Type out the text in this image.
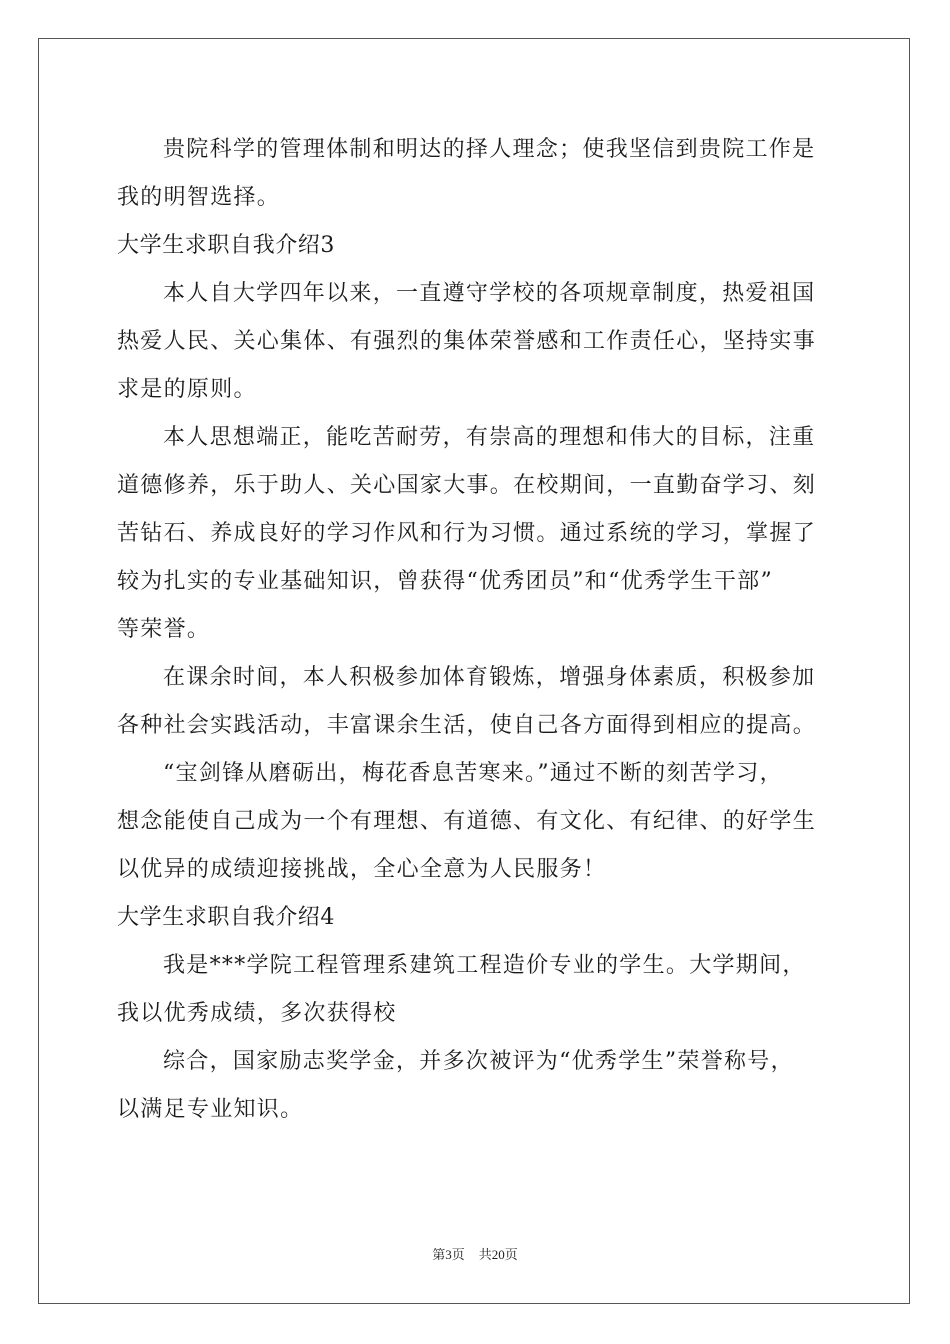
贵院科学的管理体制和明达的择人理念；使我坚信到贵院工作是
我的明智选择。
大学生求职自我介绍3
本人自大学四年以来，一直遵守学校的各项规章制度，热爱祖国
热爱人民、关心集体、有强烈的集体荣誉感和工作责任心，坚持实事
求是的原则。
本人思想端正，能吃苦耐劳，有崇高的理想和伟大的目标，注重
道德修养，乐于助人、关心国家大事。在校期间，一直勤奋学习、刻
苦钻石、养成良好的学习作风和行为习惯。通过系统的学习，掌握了
较为扎实的专业基础知识，曾获得“优秀团员”和“优秀学生干部”
等荣誉。
在课余时间，本人积极参加体育锻炼，增强身体素质，积极参加
各种社会实践活动，丰富课余生活，使自己各方面得到相应的提高。
“宝剑锋从磨砺出，梅花香息苦寒来。”通过不断的刻苦学习，
想念能使自己成为一个有理想、有道德、有文化、有纪律、的好学生
以优异的成绩迎接挑战，全心全意为人民服务！
大学生求职自我介绍4
我是***学院工程管理系建筑工程造价专业的学生。大学期间，
我以优秀成绩，多次获得校
综合，国家励志奖学金，并多次被评为“优秀学生”荣誉称号，
以满足专业知识。
第3页 共20页
